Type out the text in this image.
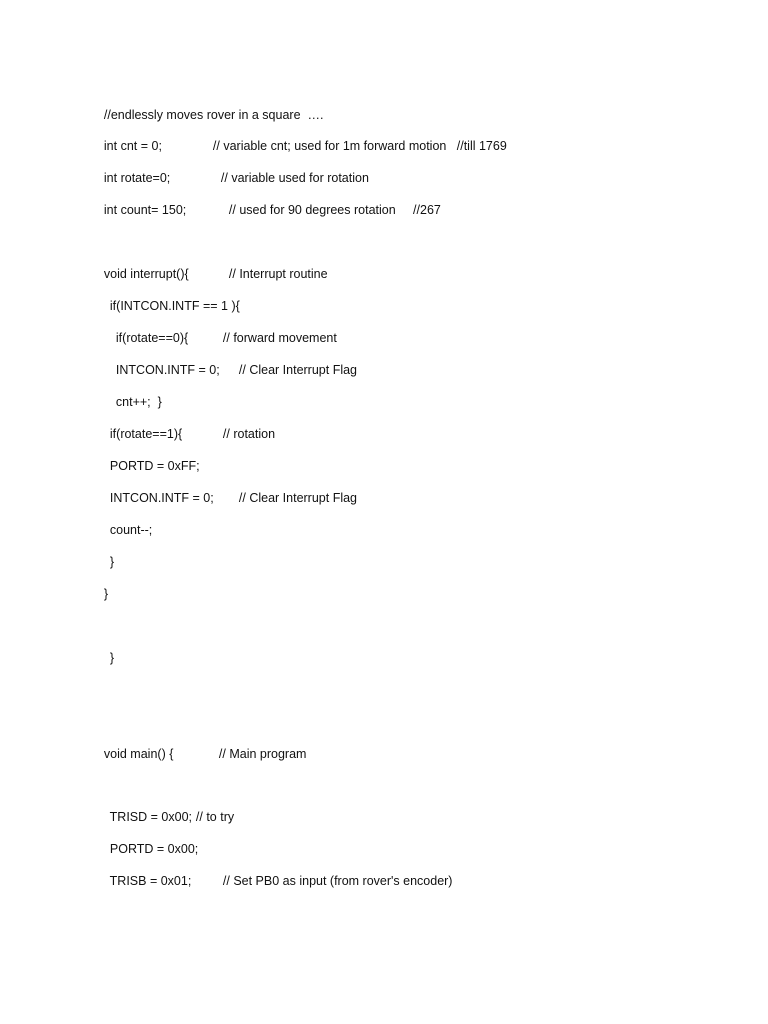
//endlessly moves rover in a square  ….

int cnt = 0;
	// variable cnt; used for 1m forward motion   //till 1769

int rotate=0;
	// variable used for rotation

int count= 150;
	// used for 90 degrees rotation     //267

void interrupt(){
	// Interrupt routine

if(INTCON.INTF == 1 ){

if(rotate==0){
	// forward movement

INTCON.INTF = 0;
	// Clear Interrupt Flag

cnt++;  }

if(rotate==1){
	// rotation

PORTD = 0xFF;

INTCON.INTF = 0;
	// Clear Interrupt Flag

count--;

}

}

}

void main() {
	// Main program

TRISD = 0x00;
// to try

PORTD = 0x00;

TRISB = 0x01;
	// Set PB0 as input (from rover's encoder)
